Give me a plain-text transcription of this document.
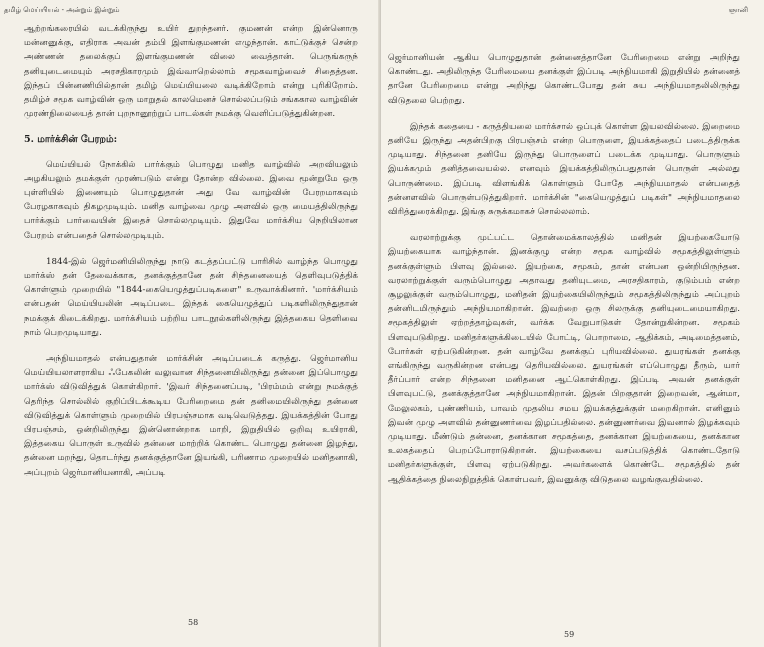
தமிழ் மெய்யியல் - அன்றும் இன்றும்

ஆற்றங்கரையில் வடக்கிருந்து உயிர் துறந்தனர். குமணன் என்ற இன்னொரு மன்னனுக்கு, எதிராக அவன் தம்பி இளங்குமணன் எழுந்தான். காட்டுக்குச் சென்ற அண்ணன் தலைக்குப் இளங்குமணன் விலை வைத்தான். பெருங்கருந் தனியுடைமையும் அரசதிகாரமும் இவ்வாறெல்லாம் சமூகவாழ்வைச் சிதைத்தன. இந்தப் பின்னணியில்தான் தமிழ் மெய்யியலை வடிக்கிறோம் என்று புரிகிறோம். தமிழ்ச் சமூக வாழ்வின் ஒரு மாறுதல் காலமெனச் சொல்லப்படும் சங்ககால வாழ்வின் முரண்நிலையைத் தான் புறநானூற்றுப் பாடல்கள் நமக்கு வெளிப்படுத்துகின்றன.

5. மார்க்சின் பேரறம்:

மெய்யியல் நோக்கில் பார்க்கும் பொழுது மனித வாழ்வில் அறவியலும் அழகியலும் தமக்குள் முரண்படும் என்று தோன்ற வில்லை. இவை மூன்றுமே ஒரு புள்ளியில் இணையும் பொழுதுதான் அது வே வாழ்வின் பேரறமாகவும் பேரழகாகவும் திகழமுடியும். மனித வாழ்வை முழு அளவில் ஒரு மையத்திலிருந்து பார்க்கும் பார்வையின் இதைச் சொல்லமுடியும். இதுவே மார்க்சிய நெறியிலான பேரறம் என்பதைச் சொல்லமுடியும்.

1844-இல் ஜெர்மனியிலிருந்து நாடு கடத்தப்பட்டு பாரிசில் வாழ்ந்த பொழுது மார்க்ஸ் தன் தேவைக்காக, தனக்குத்தானே தன் சிந்தனையைத் தெளிவுபடுத்திக் கொள்ளும் முறையில் "1844-கையெழுத்துப்படிகளை" உருவாக்கினார். 'மார்க்சியம் என்பதன் மெய்யியலின் அடிப்படை இந்தக் கையெழுத்துப் படிகளிலிருந்துதான் நமக்குக் கிடைக்கிறது. மார்க்சியம் பற்றிய பாடநூல்களிலிருந்து இத்தகைய தெளிவை நாம் பெறமுடியாது.

அந்நியமாதல் என்பதுதான் மார்க்சின் அடிப்படைக் கருத்து. ஜெர்மானிய மெய்யியலாளராகிய ஃபேகலின் வலுவான சிந்தனையிலிருந்து தன்னை இப்பொழுது மார்க்ஸ் விடுவித்துக் கொள்கிறார். 'இவர் சிந்தனைப்படி, 'பிரம்மம் என்று நமக்குத் தெரிந்த சொல்லில் குறிப்பிடக்கூடிய பேரிறைமை தன் தனிமையிலிருந்து தன்னை விடுவித்துக் கொள்ளும் முறையில் பிரபஞ்சமாக வடிவெடுத்தது. இயக்கத்தின் போது பிரபஞ்சம், ஒன்றிலிருந்து இன்னொன்றாக மாறி, இறுதியில் ஒறிவு உயிராகி, இத்தகைய பொருள் உருவில் தன்னை மாற்றிக் கொண்ட பொழுது தன்னை இழந்து, தன்னை மறந்து, தொடர்ந்து தனக்குத்தானே இயங்கி, பரிணாம முறையில் மனிதனாகி, அப்புறம் ஜெர்மானியனாகி, அப்படி

58
ஞானி

ஜெர்மானியன் ஆகிய பொழுதுதான் தன்னைத்தானே பேரிறைமை என்று அறிந்து கொண்டது. அதிலிருந்த பேரிமையை தனக்குள் இப்படி அந்நியமாகி இறுதியில் தன்னைத் தானே பேரிறைமை என்று அறிந்து கொண்டபோது தன் சுய அந்நியமாதலிலிருந்து விடுதலை பெற்றது.

இந்தக் கதையை - கருத்தியலை மார்க்சால் ஒப்புக் கொள்ள இயலவில்லை. இறைமை தனியே இருந்து அதன்பிறகு பிரபஞ்சம் என்ற பொருளை, இயக்கத்தைப் படைத்திருக்க முடியாது. சிந்தனை தனியே இருந்து பொருளைப் படைக்க முடியாது. பொருளும் இயக்கமும் தனித்தவையல்ல. எனவும் இயக்கத்திலிருப்பதுதான் பொருள் அல்லது பொருண்மை. இப்படி விளங்கிக் கொள்ளும் போதே அந்நியமாதல் என்பதைத் தன்னளவில் பொருள்படுத்துகிறார். மார்க்சின் "கையெழுத்துப் படிகள்" அந்நியமாதலை விரித்துரைக்கிறது. இங்கு சுருக்கமாகச் சொல்லலாம்.

வரலாற்றுக்கு முட்பட்ட தொன்மைக்காலத்தில் மனிதன் இயற்கையோடு இயற்கையாக வாழ்ந்தான். இனக்குழு என்ற சமூக வாழ்வில் சமூகத்திலுள்ளும் தனக்குள்ளும் பிளவு இல்லை. இயற்கை, சமூகம், தான் என்பன ஒன்றியிருந்தன. வரலாற்றுக்குள் வரும்பொழுது அதாவது தனியுடமை, அரசதிகாரம், குடும்பம் என்ற சூழலுக்குள் வரும்பொழுது, மனிதன் இயற்கையிலிருந்தும் சமூகத்திலிருந்தும் அப்புறம் தன்னிடமிருந்தும் அந்நியமாகிறான். இவற்றை ஒரு சிலருக்கு தனியுடைமையாகிறது. சமூகத்திலுள் ஏற்றத்தாழ்வுகள், வர்க்க வேறுபாடுகள் தோன்றுகின்றன. சமூகம் பிளவுபடுகிறது. மனிதர்களுக்கிடையில் போட்டி, பொறாமை, ஆதிக்கம், அடிமைத்தனம், போர்கள் ஏற்படுகின்றன. தன் வாழ்வே தனக்குப் புரியவில்லை. துயரங்கள் தனக்கு எங்கிருந்து வருகின்றன என்பது தெரியவில்லை. துயரங்கள் எப்பொழுது தீரும், யார் தீர்ப்பார் என்ற சிந்தனை மனிதனை ஆட்கொள்கிறது. இப்படி அவன் தனக்குள் பிளவுபட்டு, தனக்குத்தானே அந்நியமாகிறான். இதன் பிறகுதான் இறைவன், ஆன்மா, மேலுலகம், புண்ணியம், பாவம் முதலிய சமய இயக்கத்துக்குள் மறைகிறான். எனினும் இவன் முழு அளவில் தன்னுணர்வை இழப்பதில்லை. தன்னுணர்வை இவனால் இழக்கவும் முடியாது. மீண்டும் தன்னை, தனக்கான சமூகத்தை, தனக்கான இயற்கையை, தனக்கான உலகத்தைப் பெறப்போராடுகிறான். இயற்கையை வசப்படுத்திக் கொண்டதோடு மனிதர்களுக்குள், பிளவு ஏற்படுகிறது. அவர்களைக் கொண்டே சமூகத்தில் தன் ஆதிக்கத்தை நிலைநிறுத்திக் கொள்பவர், இவனுக்கு விடுதலை வழங்குவதில்லை.

59
